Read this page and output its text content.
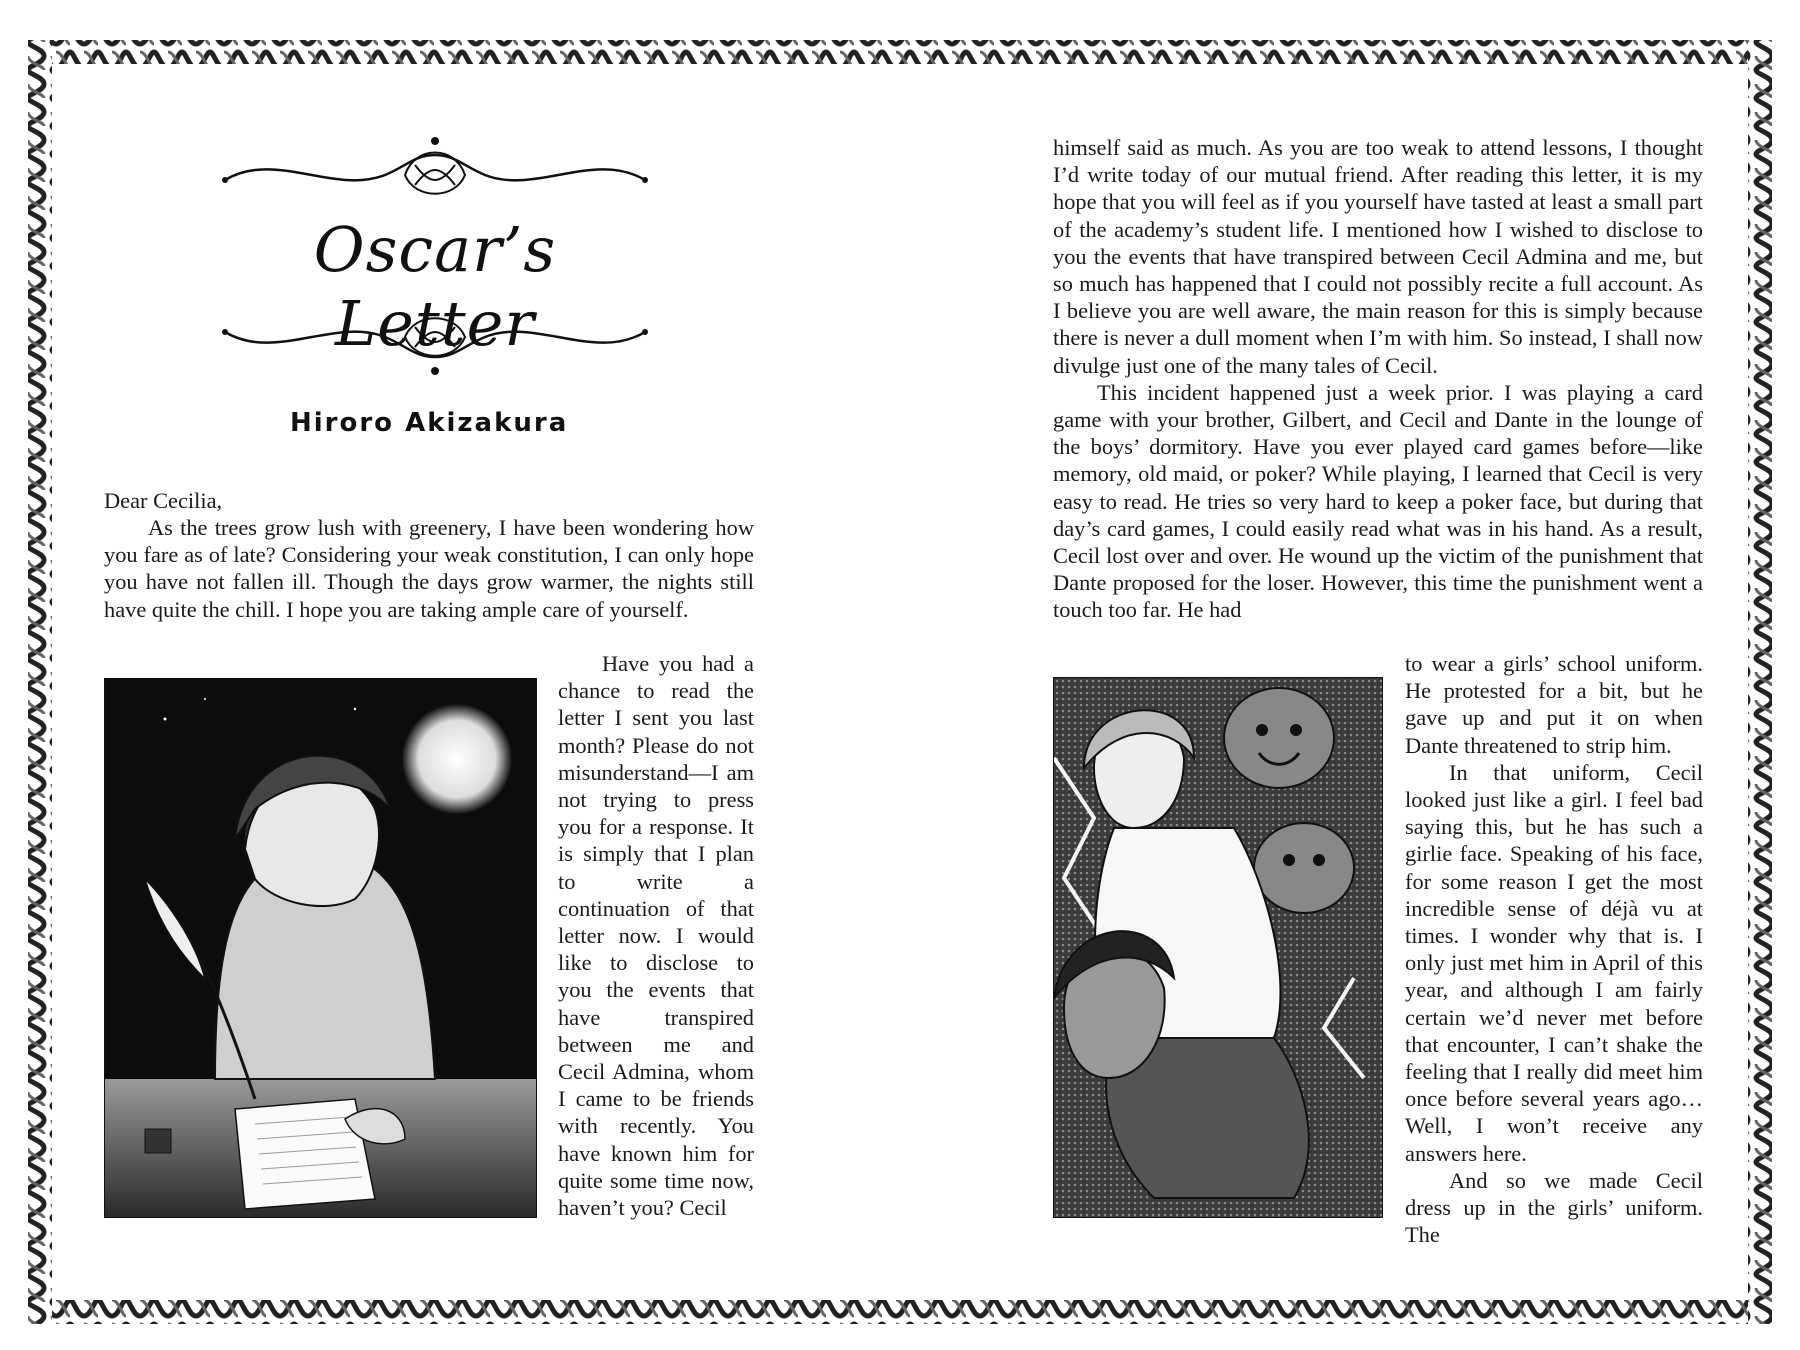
Oscar’s Letter
Hiroro Akizakura
Dear Cecilia,

As the trees grow lush with greenery, I have been wondering how you fare as of late? Considering your weak constitution, I can only hope you have not fallen ill. Though the days grow warmer, the nights still have quite the chill. I hope you are taking ample care of yourself.

Have you had a chance to read the letter I sent you last month? Please do not misunderstand—I am not trying to press you for a response. It is simply that I plan to write a continuation of that letter now. I would like to disclose to you the events that have transpired between me and Cecil Admina, whom I came to be friends with recently. You have known him for quite some time now, haven’t you? Cecil

himself said as much. As you are too weak to attend lessons, I thought I’d write today of our mutual friend. After reading this letter, it is my hope that you will feel as if you yourself have tasted at least a small part of the academy’s student life. I mentioned how I wished to disclose to you the events that have transpired between Cecil Admina and me, but so much has happened that I could not possibly recite a full account. As I believe you are well aware, the main reason for this is simply because there is never a dull moment when I’m with him. So instead, I shall now divulge just one of the many tales of Cecil.

This incident happened just a week prior. I was playing a card game with your brother, Gilbert, and Cecil and Dante in the lounge of the boys’ dormitory. Have you ever played card games before—like memory, old maid, or poker? While playing, I learned that Cecil is very easy to read. He tries so very hard to keep a poker face, but during that day’s card games, I could easily read what was in his hand. As a result, Cecil lost over and over. He wound up the victim of the punishment that Dante proposed for the loser. However, this time the punishment went a touch too far. He had

to wear a girls’ school uniform. He protested for a bit, but he gave up and put it on when Dante threatened to strip him.

In that uniform, Cecil looked just like a girl. I feel bad saying this, but he has such a girlie face. Speaking of his face, for some reason I get the most incredible sense of déjà vu at times. I wonder why that is. I only just met him in April of this year, and although I am fairly certain we’d never met before that encounter, I can’t shake the feeling that I really did meet him once before several years ago… Well, I won’t receive any answers here.

And so we made Cecil dress up in the girls’ uniform. The
